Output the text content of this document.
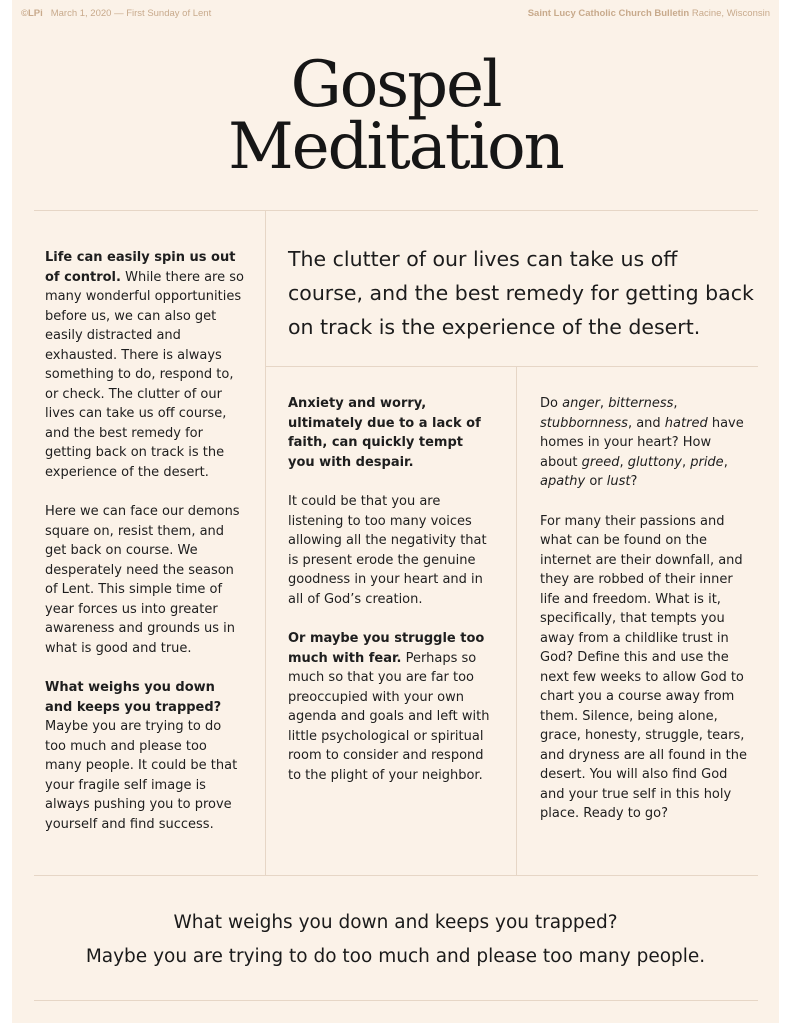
©LPi March 1, 2020 — First Sunday of Lent	Saint Lucy Catholic Church Bulletin Racine, Wisconsin
Gospel
Meditation

Life can easily spin us out of control. While there are so many wonderful opportunities before us, we can also get easily distracted and exhausted. There is always something to do, respond to, or check. The clutter of our lives can take us off course, and the best remedy for getting back on track is the experience of the desert.

Here we can face our demons square on, resist them, and get back on course. We desperately need the season of Lent. This simple time of year forces us into greater awareness and grounds us in what is good and true.

What weighs you down and keeps you trapped? Maybe you are trying to do too much and please too many people. It could be that your fragile self image is always pushing you to prove yourself and find success.

The clutter of our lives can take us off course, and the best remedy for getting back on track is the experience of the desert.

Anxiety and worry, ultimately due to a lack of faith, can quickly tempt you with despair.

It could be that you are listening to too many voices allowing all the negativity that is present erode the genuine goodness in your heart and in all of God’s creation.

Or maybe you struggle too much with fear. Perhaps so much so that you are far too preoccupied with your own agenda and goals and left with little psychological or spiritual room to consider and respond to the plight of your neighbor.

Do anger, bitterness, stubbornness, and hatred have homes in your heart? How about greed, gluttony, pride, apathy or lust?

For many their passions and what can be found on the internet are their downfall, and they are robbed of their inner life and freedom. What is it, specifically, that tempts you away from a childlike trust in God? Define this and use the next few weeks to allow God to chart you a course away from them. Silence, being alone, grace, honesty, struggle, tears, and dryness are all found in the desert. You will also find God and your true self in this holy place. Ready to go?

What weighs you down and keeps you trapped?
Maybe you are trying to do too much and please too many people.
